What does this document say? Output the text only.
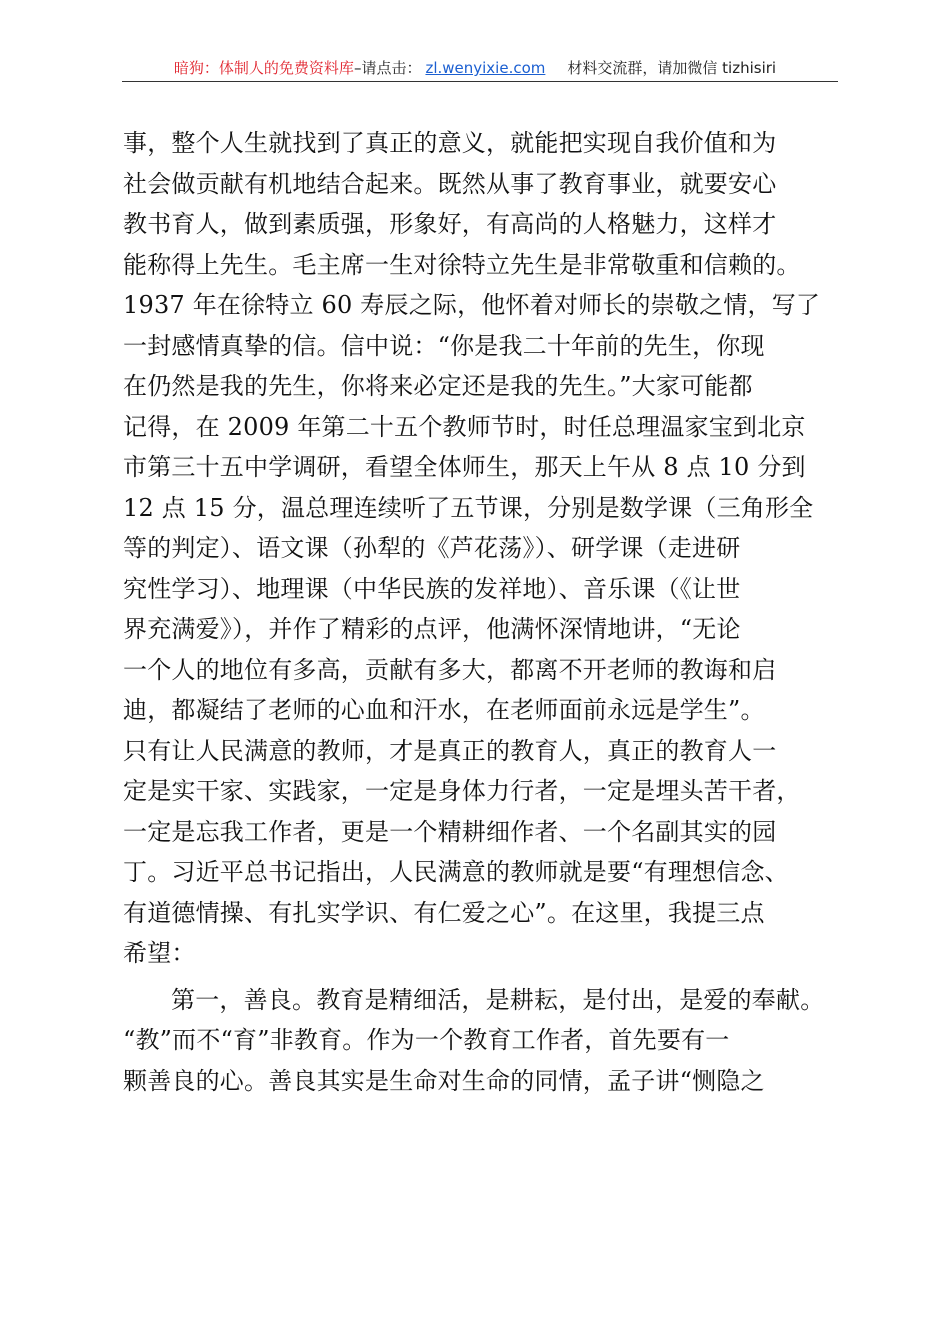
暗狗：体制人的免费资料库–请点击： zl.wenyixie.com 材料交流群，请加微信 tizhisiri
事，整个人生就找到了真正的意义，就能把实现自我价值和为
社会做贡献有机地结合起来。既然从事了教育事业，就要安心
教书育人，做到素质强，形象好，有高尚的人格魅力，这样才
能称得上先生。毛主席一生对徐特立先生是非常敬重和信赖的。
1937 年在徐特立 60 寿辰之际，他怀着对师长的崇敬之情，写了
一封感情真挚的信。信中说：“你是我二十年前的先生，你现
在仍然是我的先生，你将来必定还是我的先生。”大家可能都
记得，在 2009 年第二十五个教师节时，时任总理温家宝到北京
市第三十五中学调研，看望全体师生，那天上午从 8 点 10 分到
12 点 15 分，温总理连续听了五节课，分别是数学课（三角形全
等的判定）、语文课（孙犁的《芦花荡》）、研学课（走进研
究性学习）、地理课（中华民族的发祥地）、音乐课（《让世
界充满爱》），并作了精彩的点评，他满怀深情地讲，“无论
一个人的地位有多高，贡献有多大，都离不开老师的教诲和启
迪，都凝结了老师的心血和汗水，在老师面前永远是学生”。
只有让人民满意的教师，才是真正的教育人，真正的教育人一
定是实干家、实践家，一定是身体力行者，一定是埋头苦干者，
一定是忘我工作者，更是一个精耕细作者、一个名副其实的园
丁。习近平总书记指出，人民满意的教师就是要“有理想信念、
有道德情操、有扎实学识、有仁爱之心”。在这里，我提三点
希望：
第一，善良。教育是精细活，是耕耘，是付出，是爱的奉献。
“教”而不“育”非教育。作为一个教育工作者，首先要有一
颗善良的心。善良其实是生命对生命的同情，孟子讲“恻隐之
